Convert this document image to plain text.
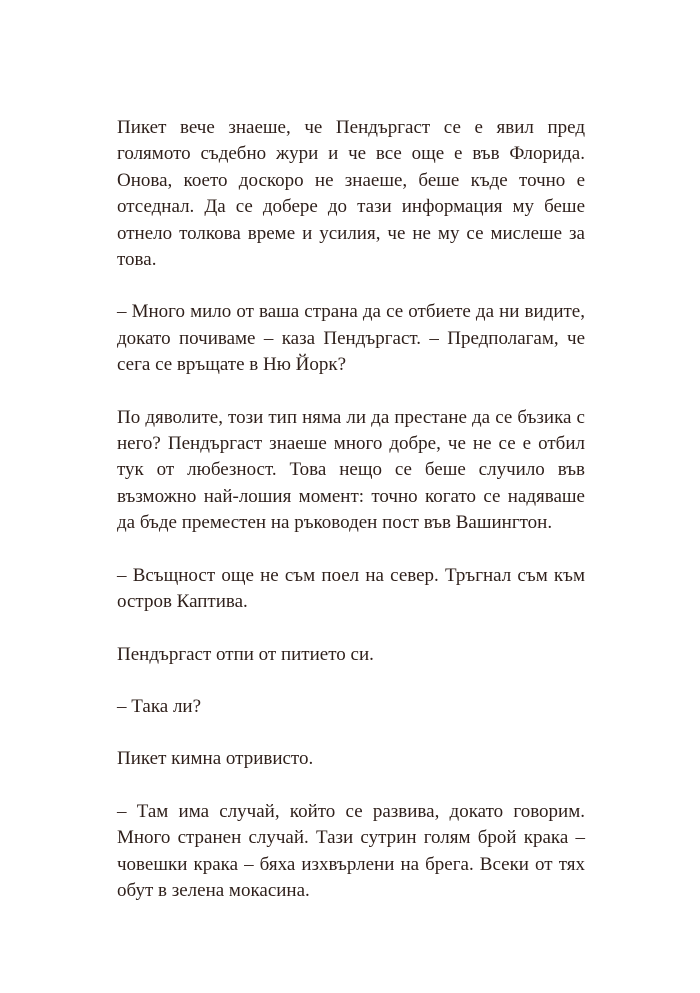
Пикет вече знаеше, че Пендъргаст се е явил пред голямото съдебно жури и че все още е във Флорида. Онова, което доскоро не знаеше, беше къде точно е отседнал. Да се добере до тази информация му беше отнело толкова време и усилия, че не му се мислеше за това.

– Много мило от ваша страна да се отбиете да ни видите, докато почиваме – каза Пендъргаст. – Предполагам, че сега се връщате в Ню Йорк?

По дяволите, този тип няма ли да престане да се бъзика с него? Пендъргаст знаеше много добре, че не се е отбил тук от любезност. Това нещо се беше случило във възможно най-лошия момент: точно когато се надяваше да бъде преместен на ръководен пост във Вашингтон.

– Всъщност още не съм поел на север. Тръгнал съм към остров Каптива.

Пендъргаст отпи от питието си.

– Така ли?

Пикет кимна отривисто.

– Там има случай, който се развива, докато говорим. Много странен случай. Тази сутрин голям брой крака – човешки крака – бяха изхвърлени на брега. Всеки от тях обут в зелена мокасина.
